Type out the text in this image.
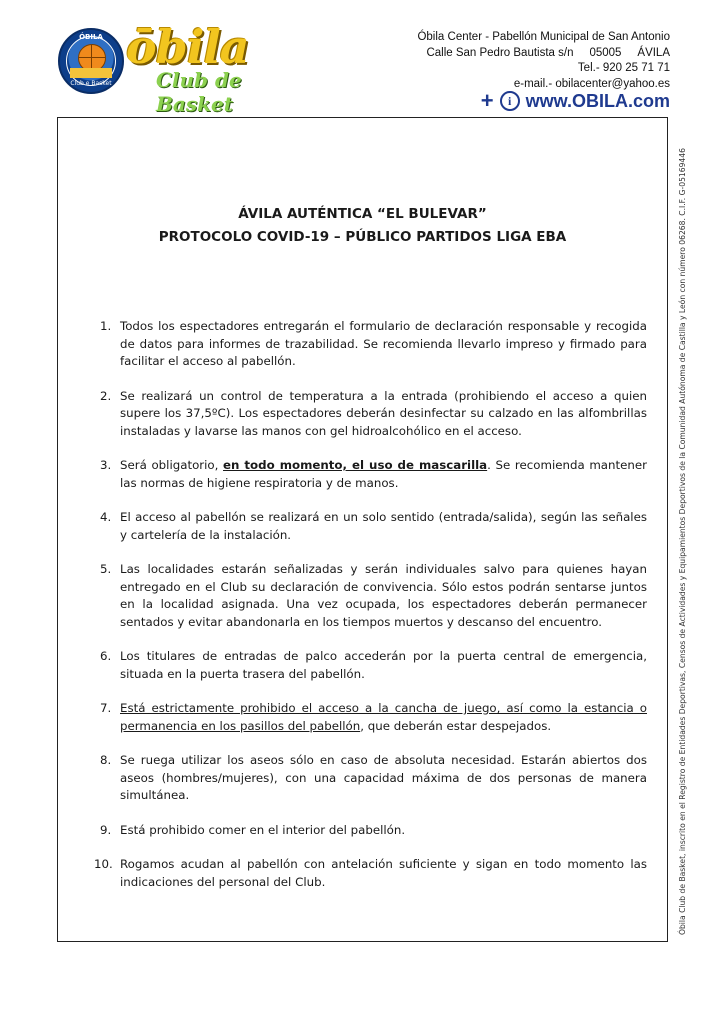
ÓBILA
Club e Basket
ōbila
Club de Basket
Óbila Center - Pabellón Municipal de San Antonio
Calle San Pedro Bautista s/n     05005     ÁVILA
Tel.- 920 25 71 71
e-mail.- obilacenter@yahoo.es
+	i www.OBILA.com
ÁVILA AUTÉNTICA “EL BULEVAR”
PROTOCOLO COVID-19 – PÚBLICO PARTIDOS LIGA EBA
1. Todos los espectadores entregarán el formulario de declaración responsable y recogida de datos para informes de trazabilidad. Se recomienda llevarlo impreso y firmado para facilitar el acceso al pabellón.
2. Se realizará un control de temperatura a la entrada (prohibiendo el acceso a quien supere los 37,5ºC). Los espectadores deberán desinfectar su calzado en las alfombrillas instaladas y lavarse las manos con gel hidroalcohólico en el acceso.
3. Será obligatorio, en todo momento, el uso de mascarilla. Se recomienda mantener las normas de higiene respiratoria y de manos.
4. El acceso al pabellón se realizará en un solo sentido (entrada/salida), según las señales y cartelería de la instalación.
5. Las localidades estarán señalizadas y serán individuales salvo para quienes hayan entregado en el Club su declaración de convivencia. Sólo estos podrán sentarse juntos en la localidad asignada. Una vez ocupada, los espectadores deberán permanecer sentados y evitar abandonarla en los tiempos muertos y descanso del encuentro.
6. Los titulares de entradas de palco accederán por la puerta central de emergencia, situada en la puerta trasera del pabellón.
7. Está estrictamente prohibido el acceso a la cancha de juego, así como la estancia o permanencia en los pasillos del pabellón, que deberán estar despejados.
8. Se ruega utilizar los aseos sólo en caso de absoluta necesidad. Estarán abiertos dos aseos (hombres/mujeres), con una capacidad máxima de dos personas de manera simultánea.
9. Está prohibido comer en el interior del pabellón.
10. Rogamos acudan al pabellón con antelación suficiente y sigan en todo momento las indicaciones del personal del Club.	Óbila Club de Basket, inscrito en el Registro de Entidades Deportivas, Censos de Actividades y Equipamientos Deportivos de la Comunidad Autónoma de Castilla y León con número 06268. C.I.F. G-05169446
